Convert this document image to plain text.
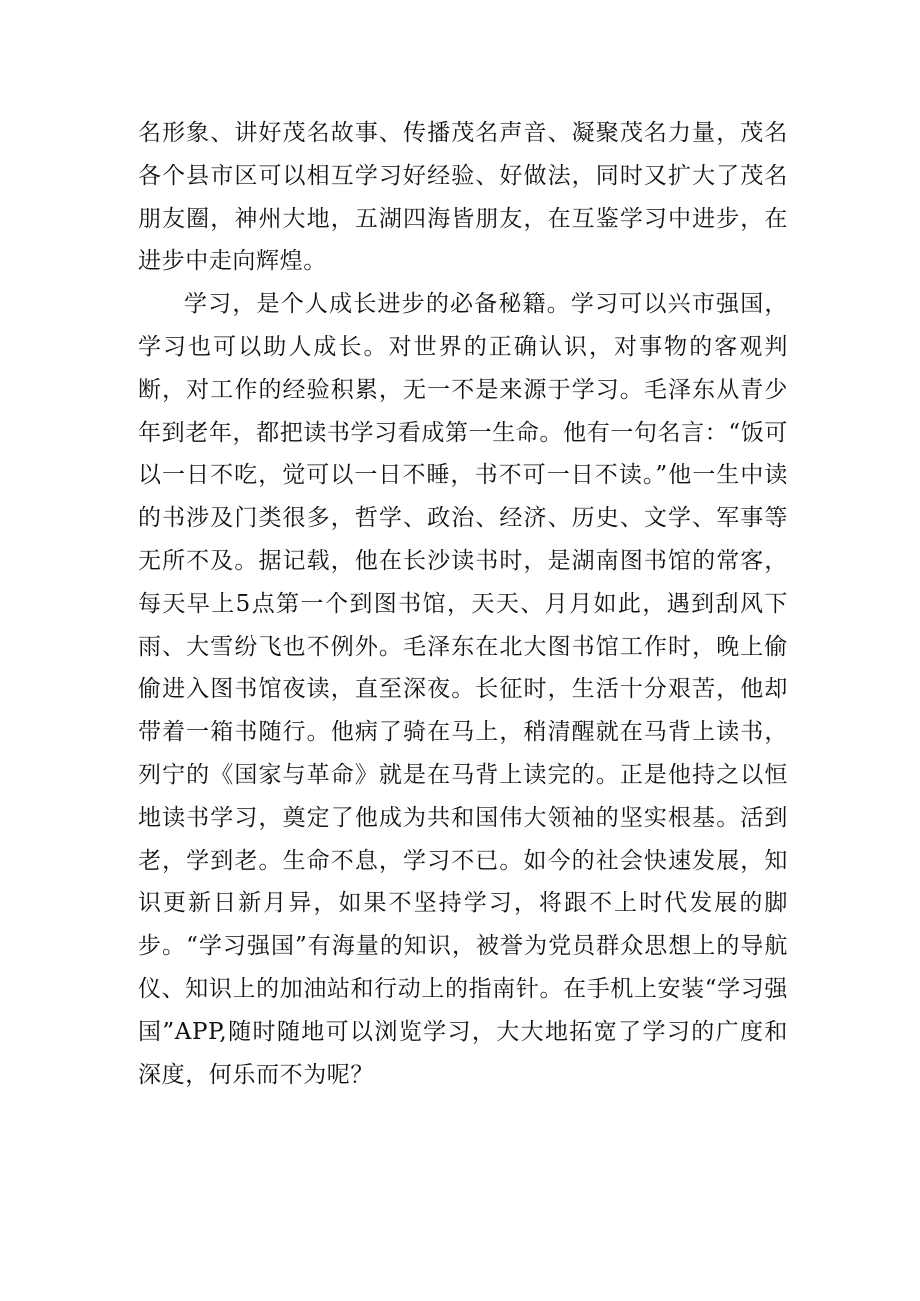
名形象、讲好茂名故事、传播茂名声音、凝聚茂名力量，茂名各个县市区可以相互学习好经验、好做法，同时又扩大了茂名朋友圈，神州大地，五湖四海皆朋友，在互鉴学习中进步，在进步中走向辉煌。

学习，是个人成长进步的必备秘籍。学习可以兴市强国，学习也可以助人成长。对世界的正确认识，对事物的客观判断，对工作的经验积累，无一不是来源于学习。毛泽东从青少年到老年，都把读书学习看成第一生命。他有一句名言：“饭可以一日不吃，觉可以一日不睡，书不可一日不读。”他一生中读的书涉及门类很多，哲学、政治、经济、历史、文学、军事等无所不及。据记载，他在长沙读书时，是湖南图书馆的常客，每天早上5点第一个到图书馆，天天、月月如此，遇到刮风下雨、大雪纷飞也不例外。毛泽东在北大图书馆工作时，晚上偷偷进入图书馆夜读，直至深夜。长征时，生活十分艰苦，他却带着一箱书随行。他病了骑在马上，稍清醒就在马背上读书，列宁的《国家与革命》就是在马背上读完的。正是他持之以恒地读书学习，奠定了他成为共和国伟大领袖的坚实根基。活到老，学到老。生命不息，学习不已。如今的社会快速发展，知识更新日新月异，如果不坚持学习，将跟不上时代发展的脚步。“学习强国”有海量的知识，被誉为党员群众思想上的导航仪、知识上的加油站和行动上的指南针。在手机上安装“学习强国”APP,随时随地可以浏览学习，大大地拓宽了学习的广度和深度，何乐而不为呢？
